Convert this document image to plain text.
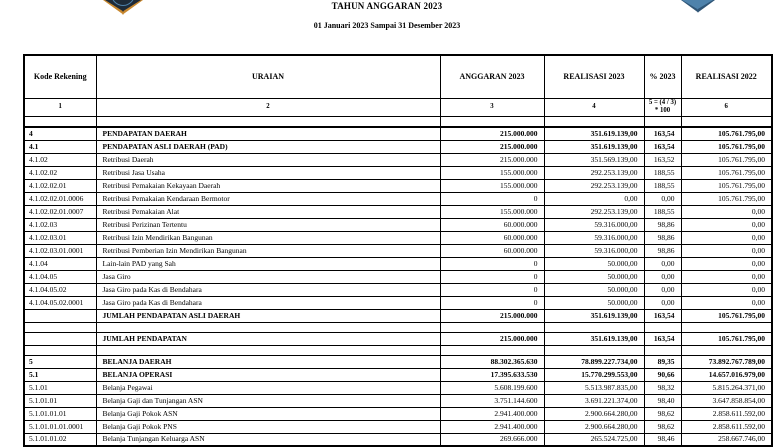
TAHUN ANGGARAN 2023
01 Januari 2023 Sampai 31 Desember 2023
Kode Rekening	URAIAN	ANGGARAN 2023	REALISASI 2023	% 2023	REALISASI 2022
1	2	3	4	5 = (4 / 3) * 100	6

4	PENDAPATAN DAERAH	215.000.000	351.619.139,00	163,54	105.761.795,00
4.1	PENDAPATAN ASLI DAERAH (PAD)	215.000.000	351.619.139,00	163,54	105.761.795,00
4.1.02	Retribusi Daerah	215.000.000	351.569.139,00	163,52	105.761.795,00
4.1.02.02	Retribusi Jasa Usaha	155.000.000	292.253.139,00	188,55	105.761.795,00
4.1.02.02.01	Retribusi Pemakaian Kekayaan Daerah	155.000.000	292.253.139,00	188,55	105.761.795,00
4.1.02.02.01.0006	Retribusi Pemakaian Kendaraan Bermotor	0	0,00	0,00	105.761.795,00
4.1.02.02.01.0007	Retribusi Pemakaian Alat	155.000.000	292.253.139,00	188,55	0,00
4.1.02.03	Retribusi Perizinan Tertentu	60.000.000	59.316.000,00	98,86	0,00
4.1.02.03.01	Retribusi Izin Mendirikan Bangunan	60.000.000	59.316.000,00	98,86	0,00
4.1.02.03.01.0001	Retribusi Pemberian Izin Mendirikan Bangunan	60.000.000	59.316.000,00	98,86	0,00
4.1.04	Lain-lain PAD yang Sah	0	50.000,00	0,00	0,00
4.1.04.05	Jasa Giro	0	50.000,00	0,00	0,00
4.1.04.05.02	Jasa Giro pada Kas di Bendahara	0	50.000,00	0,00	0,00
4.1.04.05.02.0001	Jasa Giro pada Kas di Bendahara	0	50.000,00	0,00	0,00
	JUMLAH PENDAPATAN ASLI DAERAH	215.000.000	351.619.139,00	163,54	105.761.795,00

	JUMLAH PENDAPATAN	215.000.000	351.619.139,00	163,54	105.761.795,00

5	BELANJA DAERAH	88.302.365.630	78.899.227.734,00	89,35	73.892.767.789,00
5.1	BELANJA OPERASI	17.395.633.530	15.770.299.553,00	90,66	14.657.016.979,00
5.1.01	Belanja Pegawai	5.608.199.600	5.513.987.835,00	98,32	5.815.264.371,00
5.1.01.01	Belanja Gaji dan Tunjangan ASN	3.751.144.600	3.691.221.374,00	98,40	3.647.858.854,00
5.1.01.01.01	Belanja Gaji Pokok ASN	2.941.400.000	2.900.664.280,00	98,62	2.858.611.592,00
5.1.01.01.01.0001	Belanja Gaji Pokok PNS	2.941.400.000	2.900.664.280,00	98,62	2.858.611.592,00
5.1.01.01.02	Belanja Tunjangan Keluarga ASN	269.666.000	265.524.725,00	98,46	258.667.746,00
